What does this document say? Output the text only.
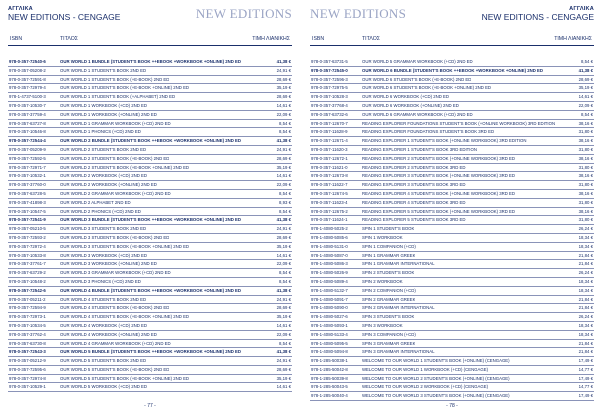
ΑΓΓΛΙΚΑ
NEW EDITIONS - CENGAGE	NEW EDITIONS
ISBN	ΤΙΤΛΟΣ	ΤΙΜΗ ΛΙΑΝΙΚΗΣ
978-0-357-72540-6	OUR WORLD 1 BUNDLE (STUDENT'S BOOK ++EBOOK +WORKBOOK +ONLINE) 2ND ED	41,38 €
978-0-357-05208-2	OUR WORLD 1 STUDENT'S BOOK 2ND ED	24,91 €
978-0-357-72591-8	OUR WORLD 1 STUDENT'S BOOK (+E-BOOK) 2ND ED	28,69 €
978-0-357-72979-4	OUR WORLD 1 STUDENT'S BOOK (+E-BOOK +ONLINE) 2ND ED	35,19 €
978-1-4737-5100-3	OUR WORLD 1 STUDENT'S BOOK (+ALPHABET) 2ND ED	28,69 €
978-0-357-10530-7	OUR WORLD 1 WORKBOOK (+CD) 2ND ED	14,61 €
978-0-357-37759-4	OUR WORLD 1 WORKBOOK (+ONLINE) 2ND ED	22,09 €
978-0-357-63727-8	OUR WORLD 1 GRAMMAR WORKBOOK (+CD) 2ND ED	8,54 €
978-0-357-10546-8	OUR WORLD 1 PHONICS (+CD) 2ND ED	8,54 €
978-0-357-72544-4	OUR WORLD 2 BUNDLE (STUDENT'S BOOK ++EBOOK +WORKBOOK +ONLINE) 2ND ED	41,38 €
978-0-357-05209-9	OUR WORLD 2 STUDENT'S BOOK 2ND ED	24,91 €
978-0-357-72592-5	OUR WORLD 2 STUDENT'S BOOK (+E-BOOK) 2ND ED	28,69 €
978-0-357-72971-7	OUR WORLD 2 STUDENT'S BOOK (+E-BOOK +ONLINE) 2ND ED	35,19 €
978-0-357-10532-1	OUR WORLD 2 WORKBOOK (+CD) 2ND ED	14,61 €
978-0-357-37760-0	OUR WORLD 2 WORKBOOK (+ONLINE) 2ND ED	22,09 €
978-0-357-63728-5	OUR WORLD 2 GRAMMAR WORKBOOK (+CD) 2ND ED	8,54 €
978-0-357-41898-3	OUR WORLD 2 ALPHABET 2ND ED	8,93 €
978-0-357-10547-5	OUR WORLD 2 PHONICS (+CD) 2ND ED	8,54 €
978-0-357-72541-9	OUR WORLD 3 BUNDLE (STUDENT'S BOOK ++EBOOK +WORKBOOK +ONLINE) 2ND ED	41,38 €
978-0-357-05210-5	OUR WORLD 3 STUDENT'S BOOK 2ND ED	24,91 €
978-0-357-72593-2	OUR WORLD 3 STUDENT'S BOOK (+E-BOOK) 2ND ED	28,69 €
978-0-357-72972-4	OUR WORLD 3 STUDENT'S BOOK (+E-BOOK +ONLINE) 2ND ED	35,19 €
978-0-357-10533-8	OUR WORLD 3 WORKBOOK (+CD) 2ND ED	14,61 €
978-0-357-37761-7	OUR WORLD 3 WORKBOOK (+ONLINE) 2ND ED	22,09 €
978-0-357-63729-2	OUR WORLD 3 GRAMMAR WORKBOOK (+CD) 2ND ED	8,54 €
978-0-357-10548-2	OUR WORLD 3 PHONICS (+CD) 2ND ED	8,54 €
978-0-357-72542-6	OUR WORLD 4 BUNDLE (STUDENT'S BOOK ++EBOOK +WORKBOOK +ONLINE) 2ND ED	41,38 €
978-0-357-05211-2	OUR WORLD 4 STUDENT'S BOOK 2ND ED	24,91 €
978-0-357-72594-9	OUR WORLD 4 STUDENT'S BOOK (+E-BOOK) 2ND ED	28,69 €
978-0-357-72973-1	OUR WORLD 4 STUDENT'S BOOK (+E-BOOK +ONLINE) 2ND ED	35,19 €
978-0-357-10534-5	OUR WORLD 4 WORKBOOK (+CD) 2ND ED	14,61 €
978-0-357-37762-4	OUR WORLD 4 WORKBOOK (+ONLINE) 2ND ED	22,09 €
978-0-357-63730-8	OUR WORLD 4 GRAMMAR WORKBOOK (+CD) 2ND ED	8,54 €
978-0-357-72543-3	OUR WORLD 5 BUNDLE (STUDENT'S BOOK ++EBOOK +WORKBOOK +ONLINE) 2ND ED	41,38 €
978-0-357-05212-9	OUR WORLD 5 STUDENT'S BOOK 2ND ED	24,91 €
978-0-357-72595-6	OUR WORLD 5 STUDENT'S BOOK (+E-BOOK) 2ND ED	28,69 €
978-0-357-72974-8	OUR WORLD 5 STUDENT'S BOOK (+E-BOOK +ONLINE) 2ND ED	35,19 €
978-0-357-10529-1	OUR WORLD 5 WORKBOOK (+CD) 2ND ED	14,61 €
- 77 -
NEW EDITIONS	ΑΓΓΛΙΚΑ
NEW EDITIONS - CENGAGE
ISBN	ΤΙΤΛΟΣ	ΤΙΜΗ ΛΙΑΝΙΚΗΣ
978-0-357-63731-5	OUR WORLD 5 GRAMMAR WORKBOOK (+CD) 2ND ED	8,54 €
978-0-357-72545-0	OUR WORLD 6 BUNDLE (STUDENT'S BOOK ++EBOOK +WORKBOOK +ONLINE) 2ND ED	41,38 €
978-0-357-72596-3	OUR WORLD 6 STUDENT'S BOOK (+E-BOOK) 2ND ED	28,69 €
978-0-357-72975-5	OUR WORLD 6 STUDENT'S BOOK (+E-BOOK +ONLINE) 2ND ED	35,19 €
978-0-357-10528-3	OUR WORLD 6 WORKBOOK (+CD) 2ND ED	14,61 €
978-0-357-37768-4	OUR WORLD 6 WORKBOOK (+ONLINE) 2ND ED	22,09 €
978-0-357-63732-6	OUR WORLD 6 GRAMMAR WORKBOOK (+CD) 2ND ED	8,54 €
978-0-357-12670-7	READING EXPLORER FOUNDATIONS STUDENT'S BOOK (+ONLINE WORKBOOK) 3RD EDITION	38,16 €
978-0-357-11628-9	READING EXPLORER FOUNDATIONS STUDENT'S BOOK 3RD ED	31,80 €
978-0-357-12671-4	READING EXPLORER 1 STUDENT'S BOOK (+ONLINE WORKBOOK) 3RD EDITION	38,16 €
978-0-357-11620-3	READING EXPLORER 1 STUDENT'S BOOK 3RD EDITION	31,80 €
978-0-357-12672-1	READING EXPLORER 2 STUDENT'S BOOK (+ONLINE WORKBOOK) 3RD ED	38,16 €
978-0-357-11621-0	READING EXPLORER 2 STUDENT'S BOOK 3RD ED	31,80 €
978-0-357-12673-8	READING EXPLORER 3 STUDENT'S BOOK (+ONLINE WORKBOOK) 3RD ED	38,16 €
978-0-357-11622-7	READING EXPLORER 3 STUDENT'S BOOK 3RD ED	31,80 €
978-0-357-12674-5	READING EXPLORER 4 STUDENT'S BOOK (+ONLINE WORKBOOK) 3RD ED	38,16 €
978-0-357-11623-4	READING EXPLORER 4 STUDENT'S BOOK 3RD ED	31,80 €
978-0-357-12675-2	READING EXPLORER 5 STUDENT'S BOOK (+ONLINE WORKBOOK) 3RD ED	38,16 €
978-0-357-11624-1	READING EXPLORER 5 STUDENT'S BOOK 3RD ED	31,80 €
978-1-4080-5025-2	SPIN 1 STUDENT'S BOOK	26,24 €
978-1-4080-5085-6	SPIN 1 WORKBOOK	18,34 €
978-1-4080-5131-0	SPIN 1 COMPANION (+CD)	18,34 €
978-1-4080-5087-0	SPIN 1 GRAMMAR GREEK	21,84 €
978-1-4080-5086-3	SPIN 1 GRAMMAR INTERNATIONAL	21,84 €
978-1-4080-5026-9	SPIN 2 STUDENT'S BOOK	26,24 €
978-1-4080-5089-4	SPIN 2 WORKBOOK	18,34 €
978-1-4080-5132-7	SPIN 2 COMPANION (+CD)	18,34 €
978-1-4080-5091-7	SPIN 2 GRAMMAR GREEK	21,84 €
978-1-4080-5090-0	SPIN 2 GRAMMAR INTERNATIONAL	21,84 €
978-1-4080-5027-6	SPIN 3 STUDENT'S BOOK	26,24 €
978-1-4080-5093-1	SPIN 3 WORKBOOK	18,34 €
978-1-4080-5133-4	SPIN 3 COMPANION (+CD)	18,34 €
978-1-4080-5095-5	SPIN 3 GRAMMAR GREEK	21,84 €
978-1-4080-5094-8	SPIN 3 GRAMMAR INTERNATIONAL	21,84 €
978-1-285-50038-1	WELCOME TO OUR WORLD 1 STUDENT'S BOOK (+ONLINE) (CENGAGE)	17,49 €
978-1-285-50042-8	WELCOME TO OUR WORLD 1 WORKBOOK (+CD) (CENGAGE)	14,77 €
978-1-285-50039-8	WELCOME TO OUR WORLD 2 STUDENT'S BOOK (+ONLINE) (CENGAGE)	17,49 €
978-1-285-50043-5	WELCOME TO OUR WORLD 2 WORKBOOK (+CD) (CENGAGE)	14,77 €
978-1-285-50040-4	WELCOME TO OUR WORLD 3 STUDENT'S BOOK (+ONLINE) (CENGAGE)	17,49 €
- 78 -
